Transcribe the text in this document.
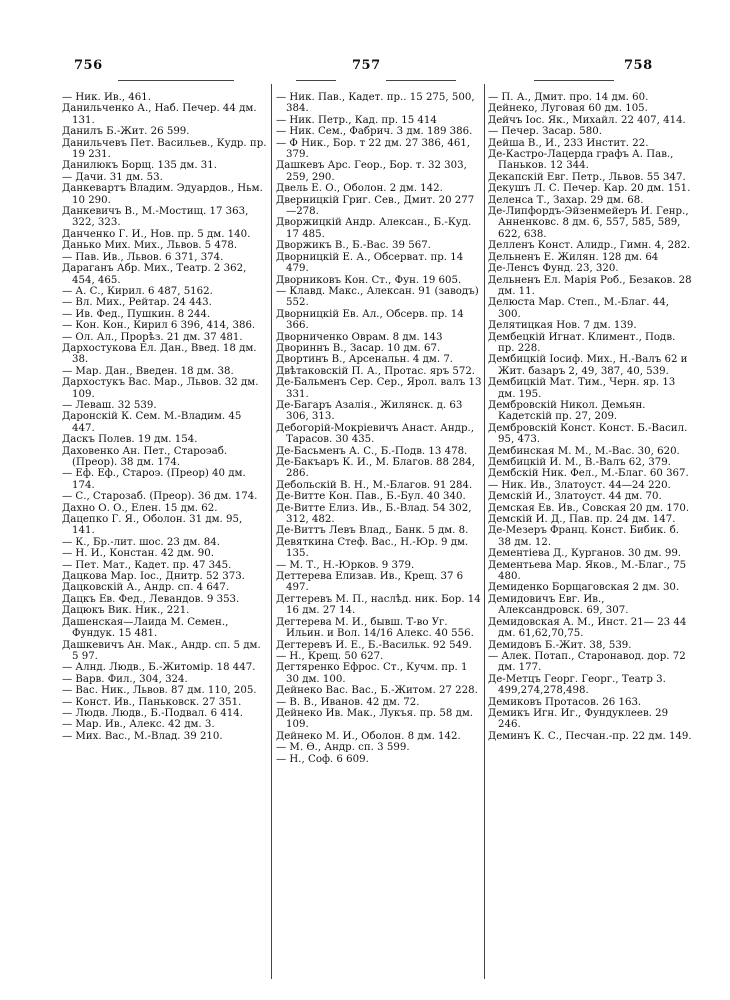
756	757	758
— Ник. Ив., 461.
Данильченко А., Наб. Печер. 44 дм. 131.
Данилъ Б.-Жит. 26 599.
Данильчевъ Пет. Васильев., Кудр. пр. 19 231.
Данилюкъ Борщ. 135 дм. 31.
— Дачи. 31 дм. 53.
Данкевартъ Владим. Эдуардов., Ньм. 10 290.
Данкевичъ В., М.-Мостищ. 17 363, 322, 323.
Данченко Г. И., Нов. пр. 5 дм. 140.
Данько Мих. Мих., Львов. 5 478.
— Пав. Ив., Львов. 6 371, 374.
Дараганъ Абр. Мих., Театр. 2 362, 454, 465.
— А. С., Кирил. 6 487, 5162.
— Вл. Мих., Рейтар. 24 443.
— Ив. Фед., Пушкин. 8 244.
— Кон. Кон., Кирил 6 396, 414, 386.
— Ол. Ал., Прорѣз. 21 дм. 37 481.
Дархостукова Ел. Дан., Введ. 18 дм. 38.
— Мар. Дан., Введен. 18 дм. 38.
Дархостукъ Вас. Мар., Львов. 32 дм. 109.
— Леваш. 32 539.
Даронскій К. Сем. М.-Владим. 45 447.
Даскъ Полев. 19 дм. 154.
Даховенко Ан. Пет., Староэаб. (Преор). 38 дм. 174.
— Еф. Еф., Староэ. (Преор) 40 дм. 174.
— С., Старозаб. (Преор). 36 дм. 174.
Дахно О. О., Елен. 15 дм. 62.
Дацепко Г. Я., Оболон. 31 дм. 95, 141.
— К., Бр.-лит. шос. 23 дм. 84.
— Н. И., Констан. 42 дм. 90.
— Пет. Мат., Кадет. пр. 47 345.
Дацкова Мар. Іос., Днитр. 52 373.
Дацковскій А., Андр. сп. 4 647.
Дацкъ Ев. Фед., Левандов. 9 353.
Дацюкъ Вик. Ник., 221.
Дашенская—Лаида М. Семен., Фундук. 15 481.
Дашкевичъ Ан. Мак., Андр. сп. 5 дм. 5 97.
— Алнд. Людв., Б.-Житомір. 18 447.
— Варв. Фил., 304, 324.
— Вас. Ник., Львов. 87 дм. 110, 205.
— Конст. Ив., Паньковск. 27 351.
— Людв. Людв., Б.-Подвал. 6 414.
— Мар. Ив., Алекс. 42 дм. 3.
— Мих. Вас., М.-Влад. 39 210.
— Ник. Пав., Кадет. пр.. 15 275, 500, 384.
— Ник. Петр., Кад. пр. 15 414
— Ник. Сем., Фабрич. 3 дм. 189 386.
— Ф Ник., Бор. т 22 дм. 27 386, 461, 379.
Дашкевъ Арс. Геор., Бор. т. 32 303, 259, 290.
Двель Е. О., Оболон. 2 дм. 142.
Дверницкій Григ. Сев., Дмит. 20 277—278.
Дворжицкій Андр. Алексан., Б.-Куд. 17 485.
Дворжикъ В., Б.-Вас. 39 567.
Дворницкій Е. А., Обсерват. пр. 14 479.
Дворниковъ Кон. Ст., Фун. 19 605.
— Клавд. Макс., Алексан. 91 (заводъ) 552.
Дворницкій Ев. Ал., Обсерв. пр. 14 366.
Дворниченко Оврам. 8 дм. 143
Двориннъ В., Засар. 10 дм. 67.
Двортинъ В., Арсенальн. 4 дм. 7.
Двѣтаковскій П. А., Протас. яръ 572.
Де-Бальменъ Сер. Сер., Ярол. валъ 13 331.
Де-Багаръ Азалія., Жилянск. д. 63 306, 313.
Дебогорій-Мокріевичъ Анаст. Андр., Тарасов. 30 435.
Де-Басьменъ А. С., Б.-Подв. 13 478.
Де-Бакъаръ К. И., М. Благов. 88 284, 286.
Дебольскій В. Н., М.-Благов. 91 284.
Де-Витте Кон. Пав., Б.-Бул. 40 340.
Де-Витте Елиз. Ив., Б.-Влад. 54 302, 312, 482.
Де-Виттъ Левъ Влад., Банк. 5 дм. 8.
Девяткина Стеф. Вас., Н.-Юр. 9 дм. 135.
— М. Т., Н.-Юрков. 9 379.
Деттерева Елизав. Ив., Крещ. 37 6 497.
Дегтеревъ М. П., наслѣд. ник. Бор. 14 16 дм. 27 14.
Дегтерева М. И., бывш. Т-во Уг. Ильин. и Вол. 14/16 Алекс. 40 556.
Дегтеревъ И. Е., Б.-Васильк. 92 549.
— Н., Крещ. 50 627.
Дегтяренко Ефрос. Ст., Кучм. пр. 1 30 дм. 100.
Дейнеко Вас. Вас., Б.-Житом. 27 228.
— В. В., Иванов. 42 дм. 72.
Дейнеко Ив. Мак., Лукъя. пр. 58 дм. 109.
Дейнеко М. И., Оболон. 8 дм. 142.
— М. Ѳ., Андр. сп. 3 599.
— Н., Соф. 6 609.
— П. А., Дмит. про. 14 дм. 60.
Дейнеко, Луговая 60 дм. 105.
Дейчъ Іос. Як., Михайл. 22 407, 414.
— Печер. Засар. 580.
Дейша В., И., 233 Инстит. 22.
Де-Кастро-Лацерда графъ А. Пав., Паньков. 12 344.
Декапскій Евг. Петр., Львов. 55 347.
Декушъ Л. С. Печер. Кар. 20 дм. 151.
Деленса Т., Захар. 29 дм. 68.
Де-Липфордъ-Эйзенмейеръ И. Генр., Анненковс. 8 дм. 6, 557, 585, 589, 622, 638.
Делленъ Конст. Алидр., Гимн. 4, 282.
Дельненъ Е. Жилян. 128 дм. 64
Де-Ленсъ Фунд. 23, 320.
Дельненъ Ел. Марія Роб., Безаков. 28 дм. 11.
Делюста Мар. Степ., М.-Благ. 44, 300.
Делятицкая Нов. 7 дм. 139.
Дембецкій Игнат. Климент., Подв. пр. 228.
Дембицкій Іосиф. Мих., Н.-Валъ 62 и Жит. базаръ 2, 49, 387, 40, 539.
Дембицкій Мат. Тим., Черн. яр. 13 дм. 195.
Дембровскій Никол. Демьян. Кадетскій пр. 27, 209.
Дембровскій Конст. Конст. Б.-Васил. 95, 473.
Дембинская М. М., М.-Вас. 30, 620.
Дембицкій И. М., В.-Валъ 62, 379.
Дембскій Ник. Фел., М.-Благ. 60 367.
— Ник. Ив., Златоуст. 44—24 220.
Демскій И., Златоуст. 44 дм. 70.
Демская Ев. Ив., Совская 20 дм. 170.
Демскій И. Д., Пав. пр. 24 дм. 147.
Де-Мезеръ Франц. Конст. Бибик. б. 38 дм. 12.
Дементіева Д., Курганов. 30 дм. 99.
Дементьева Мар. Яков., М.-Благ., 75 480.
Демиденко Борщаговская 2 дм. 30.
Демидовичъ Евг. Ив., Александровск. 69, 307.
Демидовская А. М., Инст. 21— 23 44 дм. 61,62,70,75.
Демидовъ Б.-Жит. 38, 539.
— Алек. Потап., Старонавод. дор. 72 дм. 177.
Де-Метцъ Георг. Георг., Театр 3. 499,274,278,498.
Демиковъ Протасов. 26 163.
Демикъ Игн. Иг., Фундуклеев. 29 246.
Деминъ К. С., Песчан.-пр. 22 дм. 149.
